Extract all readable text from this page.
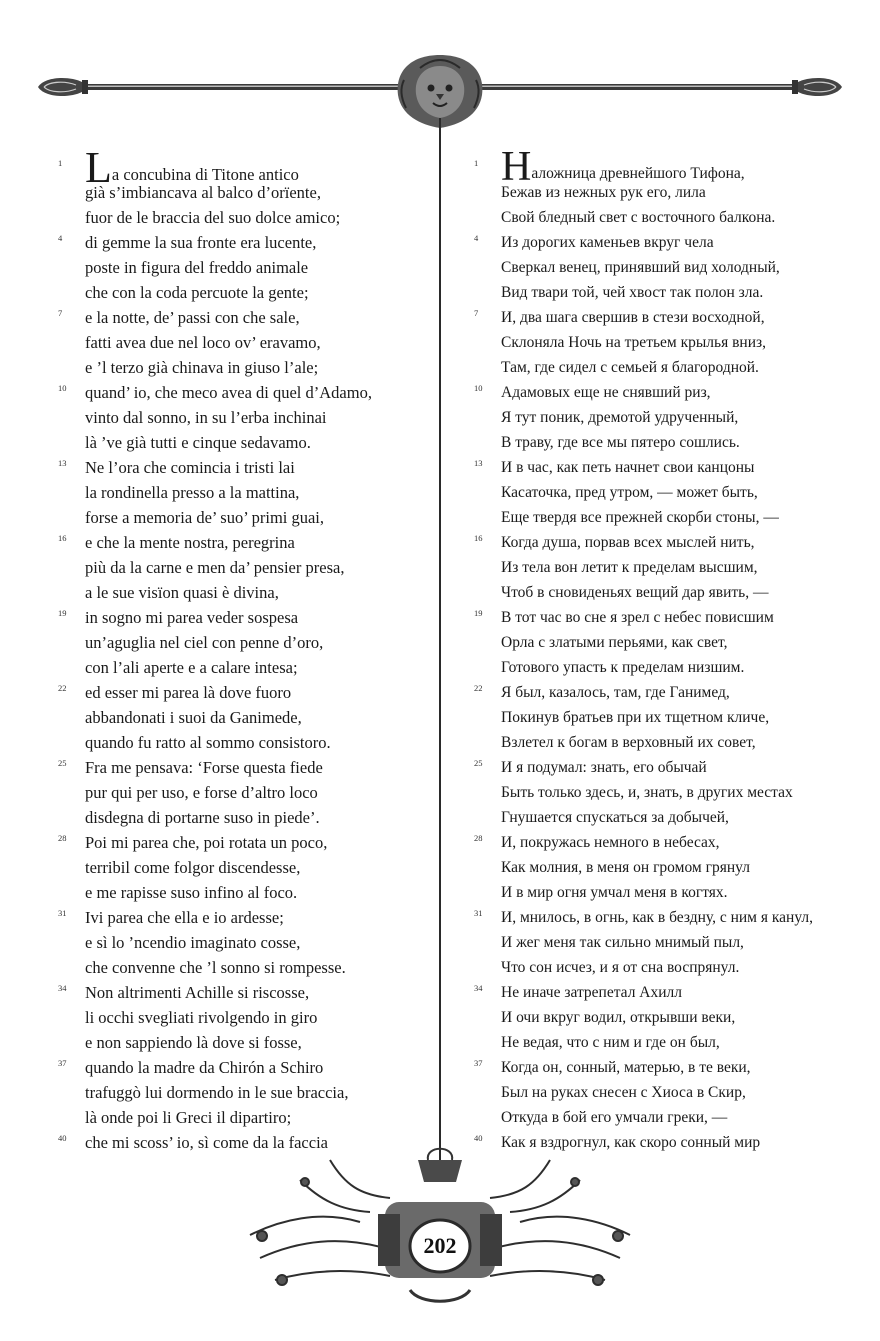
1 La concubina di Titone antico
già s’imbiancava al balco d’orïente,
fuor de le braccia del suo dolce amico;
4 di gemme la sua fronte era lucente,
poste in figura del freddo animale
che con la coda percuote la gente;
7 e la notte, de’ passi con che sale,
fatti avea due nel loco ov’ eravamo,
e ’l terzo già chinava in giuso l’ale;
10 quand’ io, che meco avea di quel d’Adamo,
vinto dal sonno, in su l’erba inchinai
là ’ve già tutti e cinque sedavamo.
13 Ne l’ora che comincia i tristi lai
la rondinella presso a la mattina,
forse a memoria de’ suo’ primi guai,
16 e che la mente nostra, peregrina
più da la carne e men da’ pensier presa,
a le sue visïon quasi è divina,
19 in sogno mi parea veder sospesa
un’aguglia nel ciel con penne d’oro,
con l’ali aperte e a calare intesa;
22 ed esser mi parea là dove fuoro
abbandonati i suoi da Ganimede,
quando fu ratto al sommo consistoro.
25 Fra me pensava: ‘Forse questa fiede
pur qui per uso, e forse d’altro loco
disdegna di portarne suso in piede’.
28 Poi mi parea che, poi rotata un poco,
terribil come folgor discendesse,
e me rapisse suso infino al foco.
31 Ivi parea che ella e io ardesse;
e sì lo ’ncendio imaginato cosse,
che convenne che ’l sonno si rompesse.
34 Non altrimenti Achille si riscosse,
li occhi svegliati rivolgendo in giro
e non sappiendo là dove si fosse,
37 quando la madre da Chirón a Schiro
trafuggò lui dormendo in le sue braccia,
là onde poi li Greci il dipartiro;
40 che mi scoss’ io, sì come da la faccia
1 Наложница древнейшого Тифона,
Бежав из нежных рук его, лила
Свой бледный свет с восточного балкона.
4 Из дорогих каменьев вкруг чела
Сверкал венец, принявший вид холодный,
Вид твари той, чей хвост так полон зла.
7 И, два шага свершив в стези восходной,
Склоняла Ночь на третьем крылья вниз,
Там, где сидел с семьей я благородной.
10 Адамовых еще не снявший риз,
Я тут поник, дремотой удрученный,
В траву, где все мы пятеро сошлись.
13 И в час, как петь начнет свои канцоны
Касаточка, пред утром, — может быть,
Еще твердя все прежней скорби стоны, —
16 Когда душа, порвав всех мыслей нить,
Из тела вон летит к пределам высшим,
Чтоб в сновиденьях вещий дар явить, —
19 В тот час во сне я зрел с небес повисшим
Орла с златыми перьями, как свет,
Готового упасть к пределам низшим.
22 Я был, казалось, там, где Ганимед,
Покинув братьев при их тщетном кличе,
Взлетел к богам в верховный их совет,
25 И я подумал: знать, его обычай
Быть только здесь, и, знать, в других местах
Гнушается спускаться за добычей,
28 И, покружась немного в небесах,
Как молния, в меня он громом грянул
И в мир огня умчал меня в когтях.
31 И, мнилось, в огнь, как в бездну, с ним я канул,
И жег меня так сильно мнимый пыл,
Что сон исчез, и я от сна воспрянул.
34 Не иначе затрепетал Ахилл
И очи вкруг водил, открывши веки,
Не ведая, что с ним и где он был,
37 Когда он, сонный, матерью, в те веки,
Был на руках снесен с Хиоса в Скир,
Откуда в бой его умчали греки, —
40 Как я вздрогнул, как скоро сонный мир
202
